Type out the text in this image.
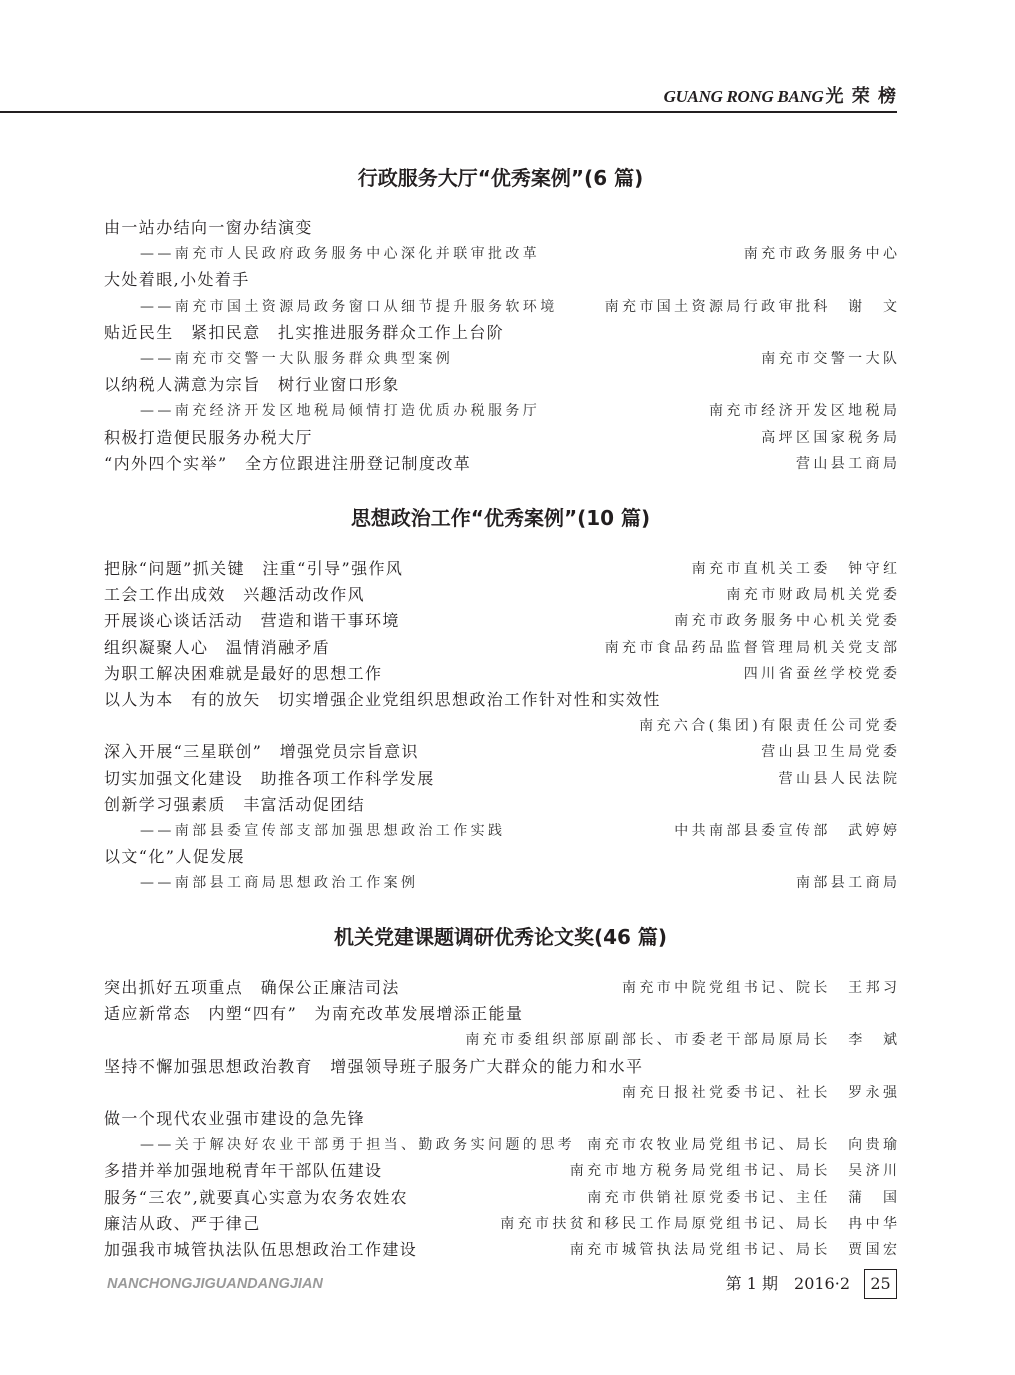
GUANG RONG BANG 光 荣 榜
行政服务大厅“优秀案例”(6 篇)
由一站办结向一窗办结演变
——南充市人民政府政务服务中心深化并联审批改革	南充市政务服务中心
大处着眼,小处着手
——南充市国土资源局政务窗口从细节提升服务软环境	南充市国土资源局行政审批科　谢　文
贴近民生　紧扣民意　扎实推进服务群众工作上台阶
——南充市交警一大队服务群众典型案例	南充市交警一大队
以纳税人满意为宗旨　树行业窗口形象
——南充经济开发区地税局倾情打造优质办税服务厅	南充市经济开发区地税局
积极打造便民服务办税大厅	高坪区国家税务局
“内外四个实举”　全方位跟进注册登记制度改革	营山县工商局
思想政治工作“优秀案例”(10 篇)
把脉“问题”抓关键　注重“引导”强作风	南充市直机关工委　钟守红
工会工作出成效　兴趣活动改作风	南充市财政局机关党委
开展谈心谈话活动　营造和谐干事环境	南充市政务服务中心机关党委
组织凝聚人心　温情消融矛盾	南充市食品药品监督管理局机关党支部
为职工解决困难就是最好的思想工作	四川省蚕丝学校党委
以人为本　有的放矢　切实增强企业党组织思想政治工作针对性和实效性
南充六合(集团)有限责任公司党委
深入开展“三星联创”　增强党员宗旨意识	营山县卫生局党委
切实加强文化建设　助推各项工作科学发展	营山县人民法院
创新学习强素质　丰富活动促团结
——南部县委宣传部支部加强思想政治工作实践	中共南部县委宣传部　武婷婷
以文“化”人促发展
——南部县工商局思想政治工作案例	南部县工商局
机关党建课题调研优秀论文奖(46 篇)
突出抓好五项重点　确保公正廉洁司法	南充市中院党组书记、院长　王邦习
适应新常态　内塑“四有”　为南充改革发展增添正能量
南充市委组织部原副部长、市委老干部局原局长　李　斌
坚持不懈加强思想政治教育　增强领导班子服务广大群众的能力和水平
南充日报社党委书记、社长　罗永强
做一个现代农业强市建设的急先锋
——关于解决好农业干部勇于担当、勤政务实问题的思考 南充市农牧业局党组书记、局长　向贵瑜
多措并举加强地税青年干部队伍建设	南充市地方税务局党组书记、局长　吴济川
服务“三农”,就要真心实意为农务农姓农	南充市供销社原党委书记、主任　蒲　国
廉洁从政、严于律己	南充市扶贫和移民工作局原党组书记、局长　冉中华
加强我市城管执法队伍思想政治工作建设	南充市城管执法局党组书记、局长　贾国宏
NANCHONGJIGUANDANGJIAN	第 1 期　2016·2	25
